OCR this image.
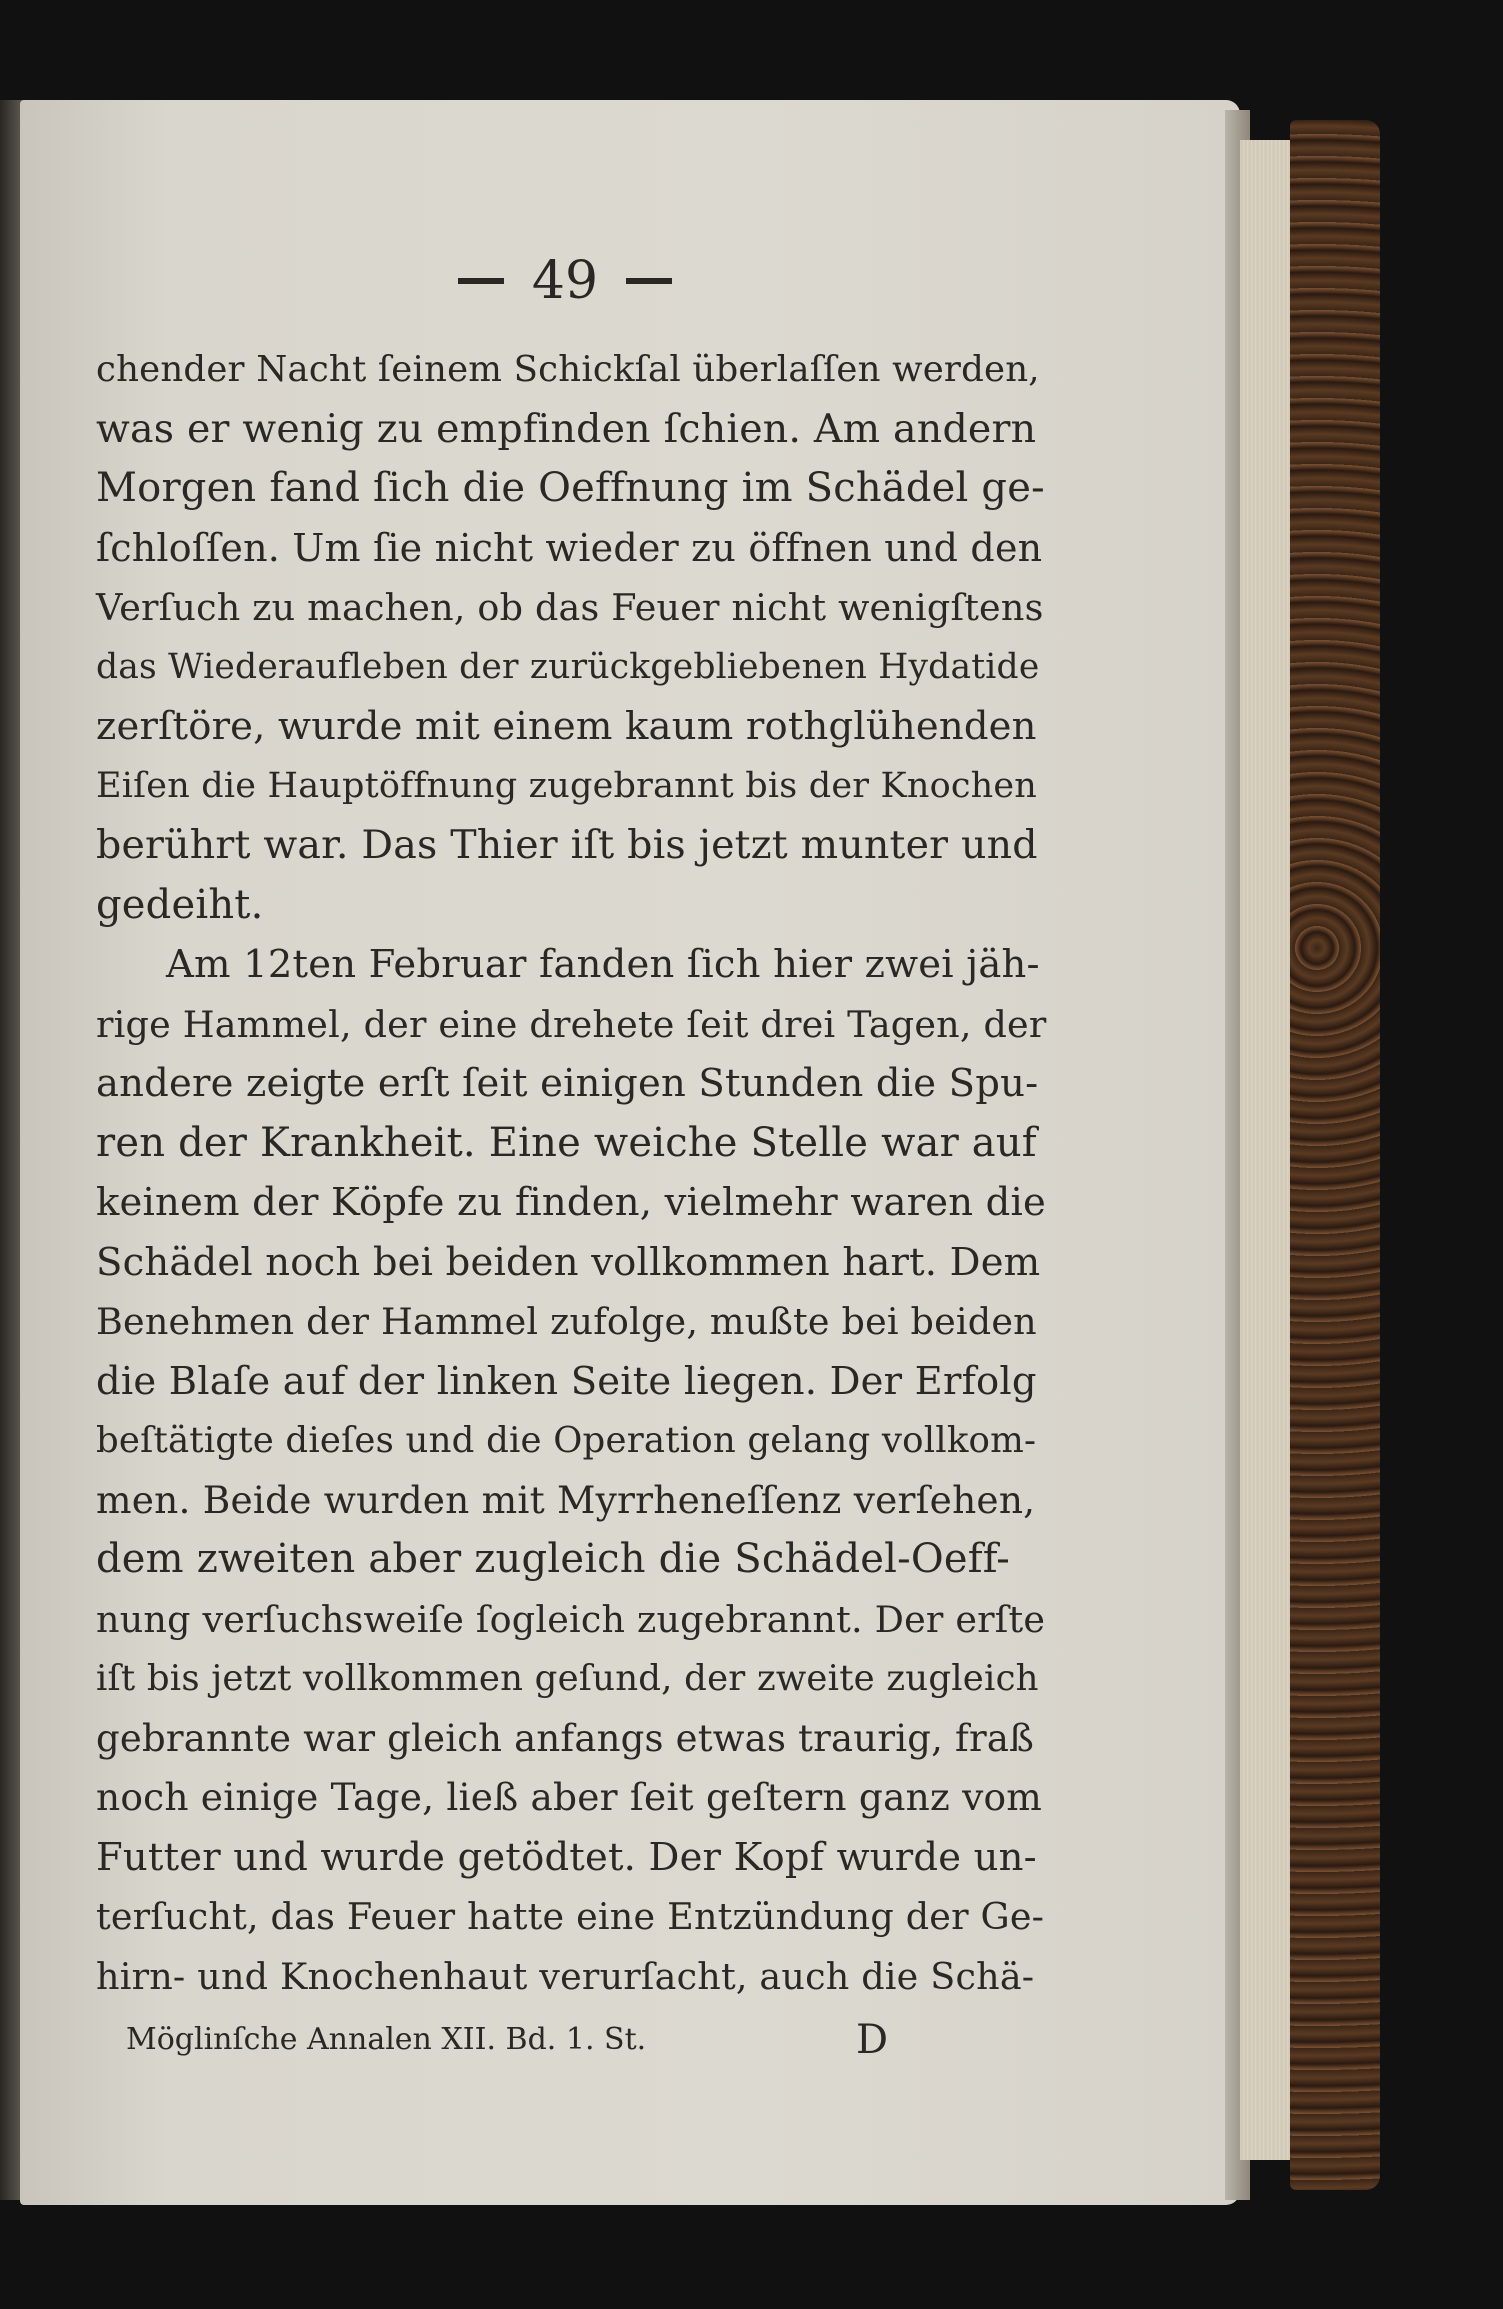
49
chender Nacht ſeinem Schickſal überlaſſen werden,
was er wenig zu empfinden ſchien. Am andern
Morgen fand ſich die Oeffnung im Schädel ge-
ſchloſſen. Um ſie nicht wieder zu öffnen und den
Verſuch zu machen, ob das Feuer nicht wenigſtens
das Wiederaufleben der zurückgebliebenen Hydatide
zerſtöre, wurde mit einem kaum rothglühenden
Eiſen die Hauptöffnung zugebrannt bis der Knochen
berührt war. Das Thier iſt bis jetzt munter und
gedeiht.
Am 12ten Februar fanden ſich hier zwei jäh-
rige Hammel, der eine drehete ſeit drei Tagen, der
andere zeigte erſt ſeit einigen Stunden die Spu-
ren der Krankheit. Eine weiche Stelle war auf
keinem der Köpfe zu finden, vielmehr waren die
Schädel noch bei beiden vollkommen hart. Dem
Benehmen der Hammel zufolge, mußte bei beiden
die Blaſe auf der linken Seite liegen. Der Erfolg
beſtätigte dieſes und die Operation gelang vollkom-
men. Beide wurden mit Myrrheneſſenz verſehen,
dem zweiten aber zugleich die Schädel-Oeff-
nung verſuchsweiſe ſogleich zugebrannt. Der erſte
iſt bis jetzt vollkommen geſund, der zweite zugleich
gebrannte war gleich anfangs etwas traurig, fraß
noch einige Tage, ließ aber ſeit geſtern ganz vom
Futter und wurde getödtet. Der Kopf wurde un-
terſucht, das Feuer hatte eine Entzündung der Ge-
hirn- und Knochenhaut verurſacht, auch die Schä-
Möglinſche Annalen XII. Bd. 1. St.	D
